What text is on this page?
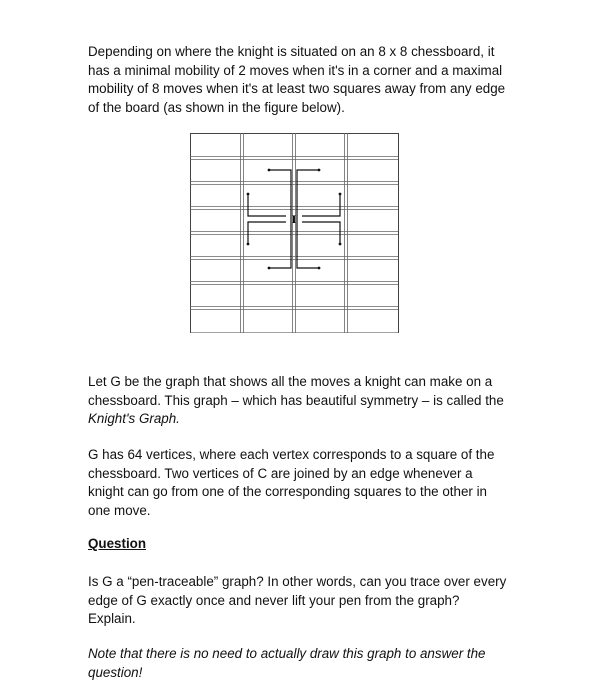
Depending on where the knight is situated on an 8 x 8 chessboard, it
has a minimal mobility of 2 moves when it's in a corner and a maximal
mobility of 8 moves when it's at least two squares away from any edge
of the board (as shown in the figure below).
I
Let G be the graph that shows all the moves a knight can make on a
chessboard. This graph – which has beautiful symmetry – is called the
Knight's Graph.
G has 64 vertices, where each vertex corresponds to a square of the
chessboard. Two vertices of C are joined by an edge whenever a
knight can go from one of the corresponding squares to the other in
one move.
Question
Is G a “pen-traceable” graph? In other words, can you trace over every
edge of G exactly once and never lift your pen from the graph?
Explain.
Note that there is no need to actually draw this graph to answer the
question!
